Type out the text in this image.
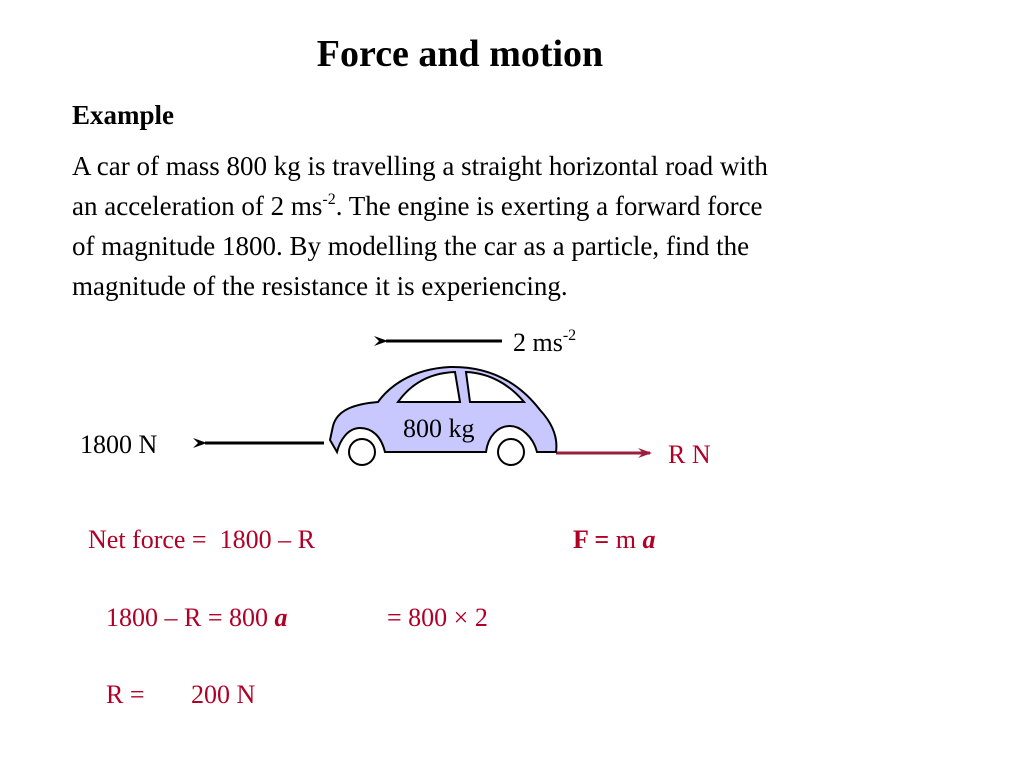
Force and motion
Example

A car of mass 800 kg is travelling a straight horizontal road with

an acceleration of 2 $ms^{-2}$. The engine is exerting a forward force

of magnitude 1800. By modelling the car as a particle, find the

magnitude of the resistance it is experiencing.

2 $ms^{-2}$
800 kg
1800 N	R N
Net force = 1800 – R	F = m a
1800 – R = 800 a	= 800 × 2
R = 200 N
